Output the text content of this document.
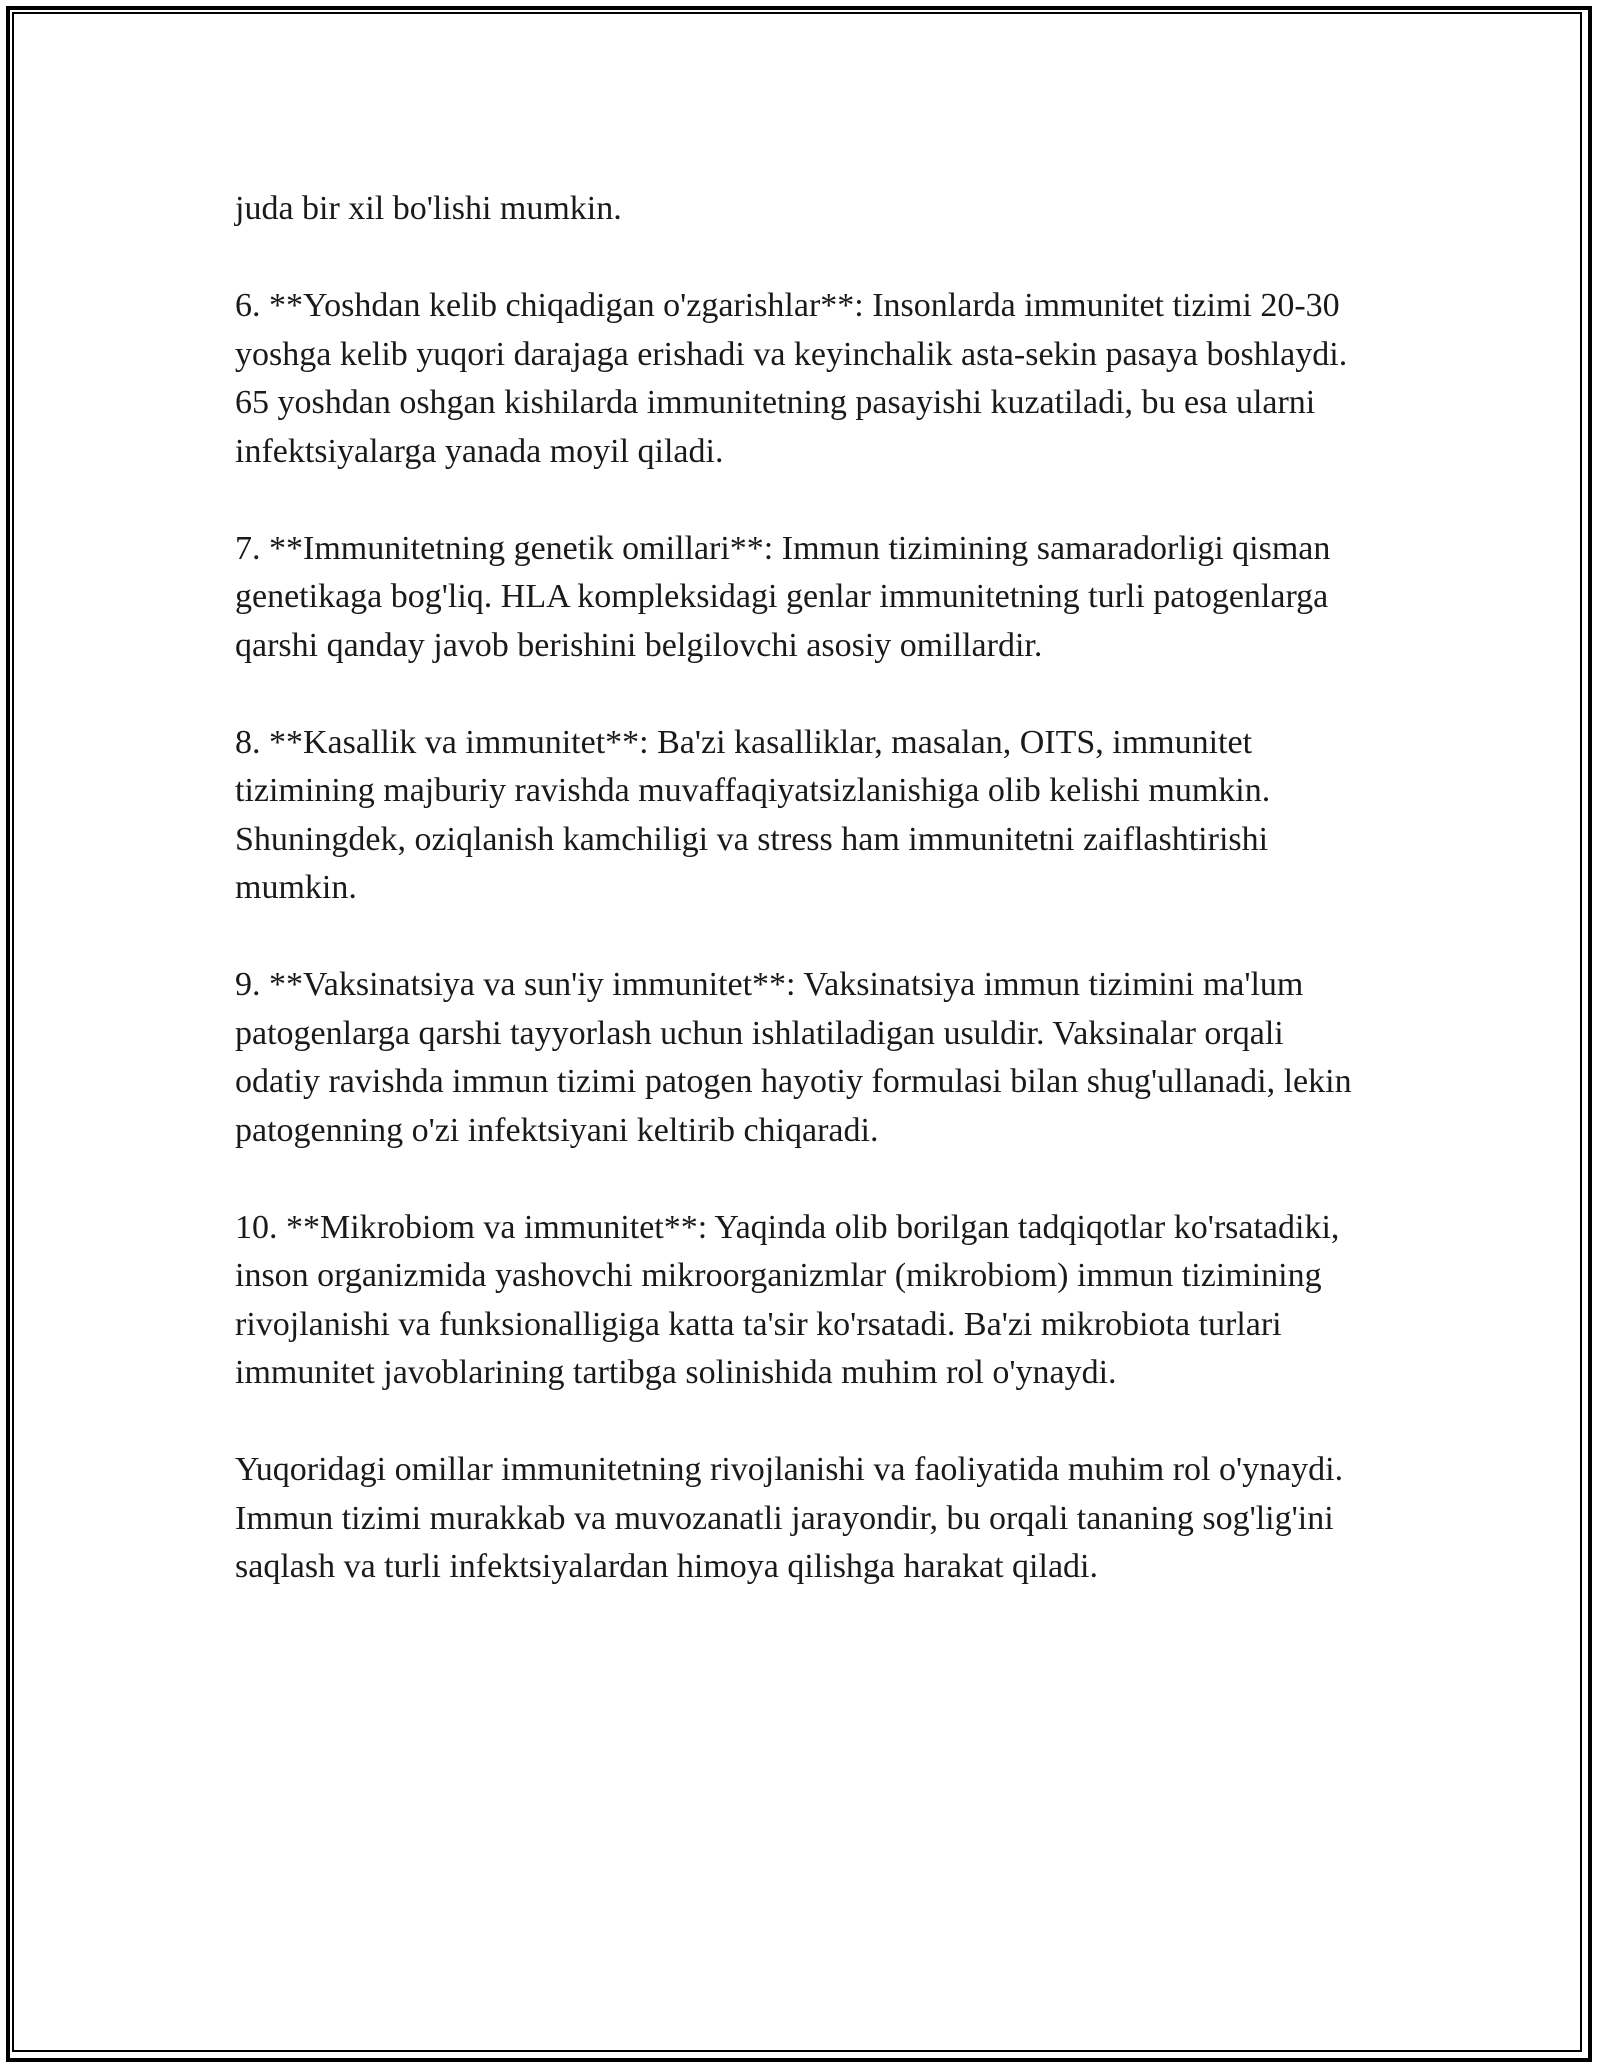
juda bir xil bo'lishi mumkin.

6. **Yoshdan kelib chiqadigan o'zgarishlar**: Insonlarda immunitet tizimi 20-30 yoshga kelib yuqori darajaga erishadi va keyinchalik asta-sekin pasaya boshlaydi. 65 yoshdan oshgan kishilarda immunitetning pasayishi kuzatiladi, bu esa ularni infektsiyalarga yanada moyil qiladi.

7. **Immunitetning genetik omillari**: Immun tizimining samaradorligi qisman genetikaga bog'liq. HLA kompleksidagi genlar immunitetning turli patogenlarga qarshi qanday javob berishini belgilovchi asosiy omillardir.

8. **Kasallik va immunitet**: Ba'zi kasalliklar, masalan, OITS, immunitet tizimining majburiy ravishda muvaffaqiyatsizlanishiga olib kelishi mumkin. Shuningdek, oziqlanish kamchiligi va stress ham immunitetni zaiflashtirishi mumkin.

9. **Vaksinatsiya va sun'iy immunitet**: Vaksinatsiya immun tizimini ma'lum patogenlarga qarshi tayyorlash uchun ishlatiladigan usuldir. Vaksinalar orqali odatiy ravishda immun tizimi patogen hayotiy formulasi bilan shug'ullanadi, lekin patogenning o'zi infektsiyani keltirib chiqaradi.

10. **Mikrobiom va immunitet**: Yaqinda olib borilgan tadqiqotlar ko'rsatadiki, inson organizmida yashovchi mikroorganizmlar (mikrobiom) immun tizimining rivojlanishi va funksionalligiga katta ta'sir ko'rsatadi. Ba'zi mikrobiota turlari immunitet javoblarining tartibga solinishida muhim rol o'ynaydi.

Yuqoridagi omillar immunitetning rivojlanishi va faoliyatida muhim rol o'ynaydi. Immun tizimi murakkab va muvozanatli jarayondir, bu orqali tananing sog'lig'ini saqlash va turli infektsiyalardan himoya qilishga harakat qiladi.
